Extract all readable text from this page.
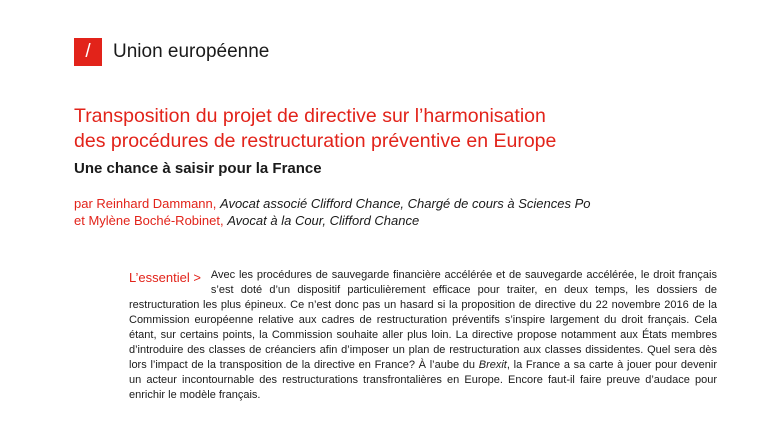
/	Union européenne
Transposition du projet de directive sur l’harmonisation
des procédures de restructuration préventive en Europe
Une chance à saisir pour la France
par Reinhard Dammann, Avocat associé Clifford Chance, Chargé de cours à Sciences Po
et Mylène Boché-Robinet, Avocat à la Cour, Clifford Chance
L’essentiel > Avec les procédures de sauvegarde financière accélérée et de sauvegarde accélérée, le droit français s’est doté d’un dispositif particulièrement efficace pour traiter, en deux temps, les dossiers de restructuration les plus épineux. Ce n’est donc pas un hasard si la proposition de directive du 22 novembre 2016 de la Commission européenne relative aux cadres de restructuration préventifs s’inspire largement du droit français. Cela étant, sur certains points, la Commission souhaite aller plus loin. La directive propose notamment aux États membres d’introduire des classes de créanciers afin d’imposer un plan de restructuration aux classes dissidentes. Quel sera dès lors l’impact de la transposition de la directive en France? À l’aube du Brexit, la France a sa carte à jouer pour devenir un acteur incontournable des restructurations transfrontalières en Europe. Encore faut-il faire preuve d’audace pour enrichir le modèle français.
